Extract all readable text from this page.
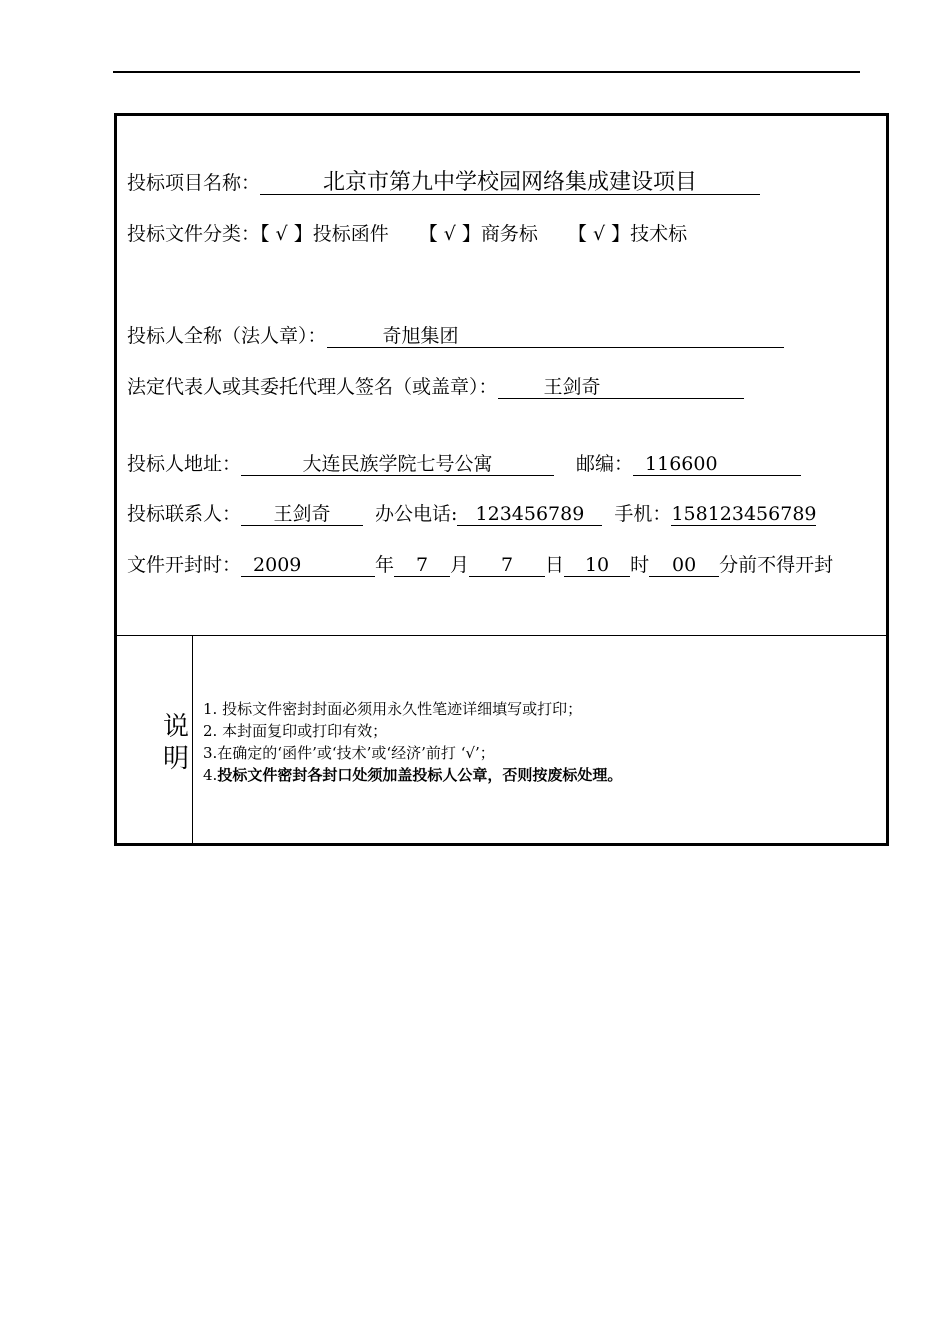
投标项目名称：	北京市第九中学校园网络集成建设项目
投标文件分类：【 √ 】投标函件 【 √ 】商务标 【 √ 】技术标
投标人全称（法人章）：	奇旭集团
法定代表人或其委托代理人签名（或盖章）： 王剑奇
投标人地址：	大连民族学院七号公寓	邮编： 116600
投标联系人： 王剑奇 办公电话: 123456789 手机：158123456789
文件开封时： 2009	年 7 月 7 日 10 时 00 分前不得开封
说
明
1. 投标文件密封封面必须用永久性笔迹详细填写或打印；
2. 本封面复印或打印有效；
3.在确定的‘函件’或‘技术’或‘经济’前打 ‘√’；
4.投标文件密封各封口处须加盖投标人公章，否则按废标处理。
